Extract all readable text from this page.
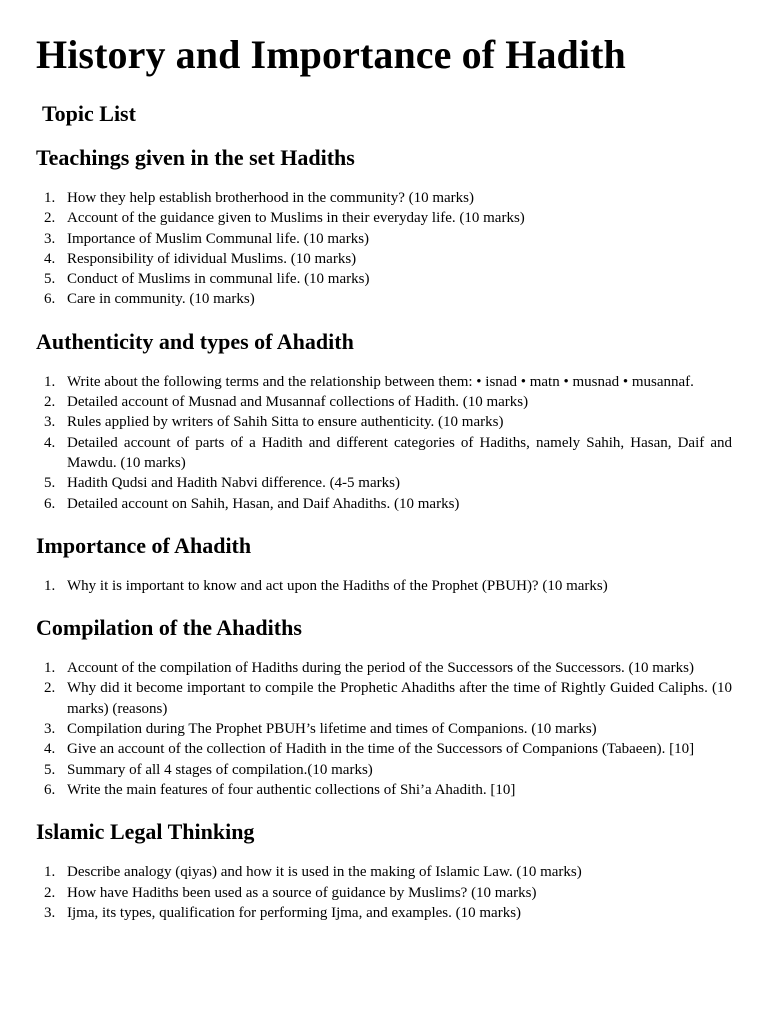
History and Importance of Hadith
Topic List
Teachings given in the set Hadiths
1. How they help establish brotherhood in the community? (10 marks)
2. Account of the guidance given to Muslims in their everyday life. (10 marks)
3. Importance of Muslim Communal life. (10 marks)
4. Responsibility of idividual Muslims. (10 marks)
5. Conduct of Muslims in communal life. (10 marks)
6. Care in community. (10 marks)
Authenticity and types of Ahadith
1. Write about the following terms and the relationship between them: • isnad • matn • musnad • musannaf.
2. Detailed account of Musnad and Musannaf collections of Hadith. (10 marks)
3. Rules applied by writers of Sahih Sitta to ensure authenticity. (10 marks)
4. Detailed account of parts of a Hadith and different categories of Hadiths, namely Sahih, Hasan, Daif and Mawdu. (10 marks)
5. Hadith Qudsi and Hadith Nabvi difference. (4-5 marks)
6. Detailed account on Sahih, Hasan, and Daif Ahadiths. (10 marks)
Importance of Ahadith
1. Why it is important to know and act upon the Hadiths of the Prophet (PBUH)? (10 marks)
Compilation of the Ahadiths
1. Account of the compilation of Hadiths during the period of the Successors of the Successors. (10 marks)
2. Why did it become important to compile the Prophetic Ahadiths after the time of Rightly Guided Caliphs. (10 marks) (reasons)
3. Compilation during The Prophet PBUH’s lifetime and times of Companions. (10 marks)
4. Give an account of the collection of Hadith in the time of the Successors of Companions (Tabaeen). [10]
5. Summary of all 4 stages of compilation.(10 marks)
6. Write the main features of four authentic collections of Shi’a Ahadith. [10]
Islamic Legal Thinking
1. Describe analogy (qiyas) and how it is used in the making of Islamic Law. (10 marks)
2. How have Hadiths been used as a source of guidance by Muslims? (10 marks)
3. Ijma, its types, qualification for performing Ijma, and examples. (10 marks)
